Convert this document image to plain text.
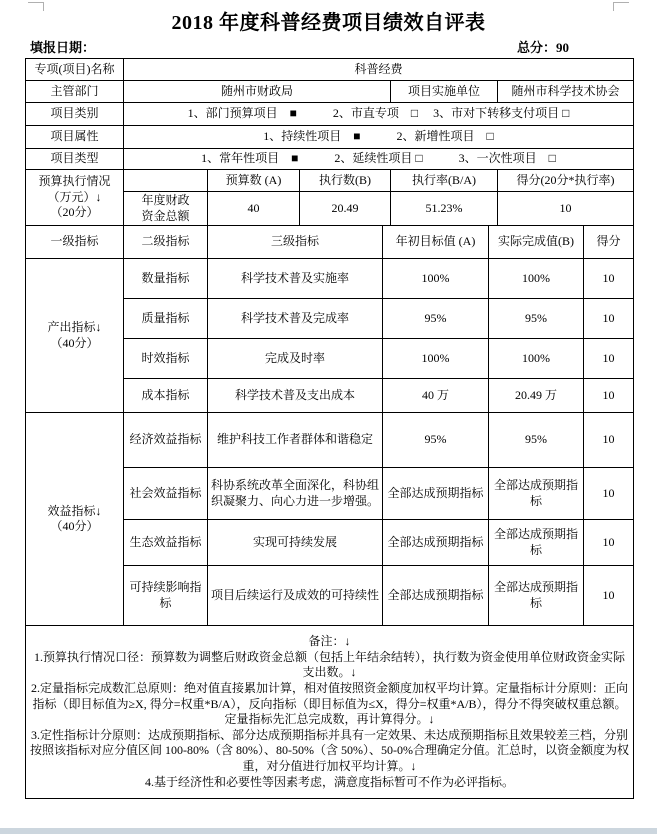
2018 年度科普经费项目绩效自评表
填报日期：	总分：90
专项(项目)名称	科普经费		
主管部门	随州市财政局	项目实施单位	随州市科学技术协会
项目类别	1、部门预算项目　■　　　2、市直专项　□　 3、市对下转移支付项目 □		
项目属性	1、持续性项目　■　　　2、新增性项目　□		
项目类型	1、常年性项目　■　　　2、延续性项目 □　　　3、一次性项目　□		
预算执行情况
（万元）↓
（20分）		预算数 (A)	执行数(B)	执行率(B/A)	得分(20分*执行率)

	年度财政
资金总额	40	20.49	51.23%	10
一级指标	二级指标	三级指标	年初目标值 (A)	实际完成值(B)	得分

产出指标↓
（40分）	数量指标	科学技术普及实施率	100%	100%	10
	质量指标	科学技术普及完成率	95%	95%	10
	时效指标	完成及时率	100%	100%	10
	成本指标	科学技术普及支出成本	40 万	20.49 万	10

效益指标↓
（40分）	经济效益指标	维护科技工作者群体和谐稳定	95%	95%	10
	社会效益指标	科协系统改革全面深化，科协组织凝聚力、向心力进一步增强。	全部达成预期指标	全部达成预期指标	10
	生态效益指标	实现可持续发展	全部达成预期指标	全部达成预期指标	10
	可持续影响指标	项目后续运行及成效的可持续性	全部达成预期指标	全部达成预期指标	10
备注：↓
1.预算执行情况口径：预算数为调整后财政资金总额（包括上年结余结转），执行数为资金使用单位财政资金实际支出数。↓
2.定量指标完成数汇总原则：绝对值直接累加计算，相对值按照资金额度加权平均计算。定量指标计分原则：正向指标（即目标值为≥X, 得分=权重*B/A），反向指标（即目标值为≤X，得分=权重*A/B），得分不得突破权重总额。定量指标先汇总完成数，再计算得分。↓
3.定性指标计分原则：达成预期指标、部分达成预期指标并具有一定效果、未达成预期指标且效果较差三档，分别按照该指标对应分值区间 100-80%（含 80%）、80-50%（含 50%）、50-0%合理确定分值。汇总时，以资金额度为权重，对分值进行加权平均计算。↓
4.基于经济性和必要性等因素考虑，满意度指标暂可不作为必评指标。
